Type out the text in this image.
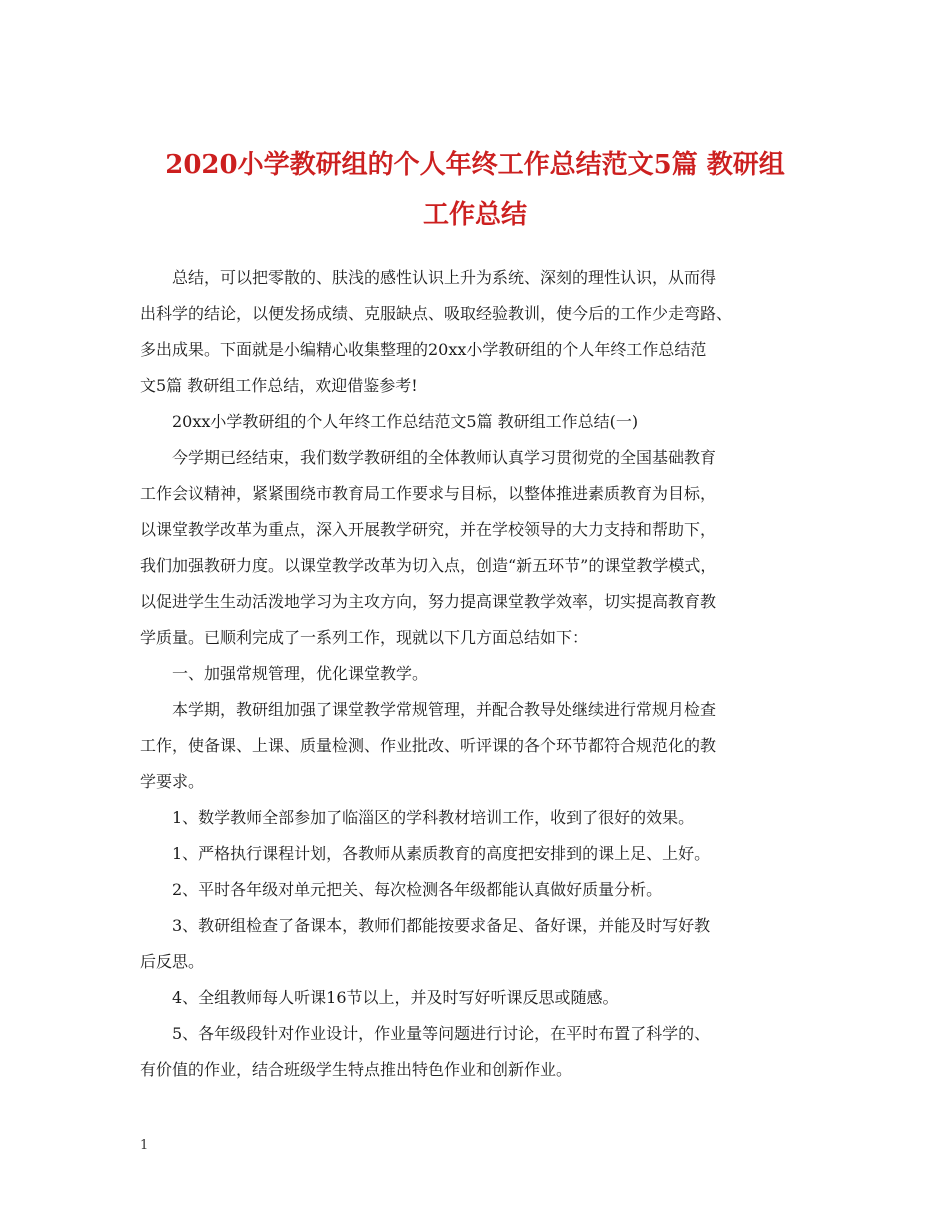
2020小学教研组的个人年终工作总结范文5篇 教研组
工作总结

总结，可以把零散的、肤浅的感性认识上升为系统、深刻的理性认识，从而得
出科学的结论，以便发扬成绩、克服缺点、吸取经验教训，使今后的工作少走弯路、
多出成果。下面就是小编精心收集整理的20xx小学教研组的个人年终工作总结范
文5篇 教研组工作总结，欢迎借鉴参考!

20xx小学教研组的个人年终工作总结范文5篇 教研组工作总结(一)

今学期已经结束，我们数学教研组的全体教师认真学习贯彻党的全国基础教育
工作会议精神，紧紧围绕市教育局工作要求与目标，以整体推进素质教育为目标，
以课堂教学改革为重点，深入开展教学研究，并在学校领导的大力支持和帮助下，
我们加强教研力度。以课堂教学改革为切入点，创造“新五环节”的课堂教学模式，
以促进学生生动活泼地学习为主攻方向，努力提高课堂教学效率，切实提高教育教
学质量。已顺利完成了一系列工作，现就以下几方面总结如下：

一、加强常规管理，优化课堂教学。

本学期，教研组加强了课堂教学常规管理，并配合教导处继续进行常规月检查
工作，使备课、上课、质量检测、作业批改、听评课的各个环节都符合规范化的教
学要求。

1、数学教师全部参加了临淄区的学科教材培训工作，收到了很好的效果。

1、严格执行课程计划，各教师从素质教育的高度把安排到的课上足、上好。

2、平时各年级对单元把关、每次检测各年级都能认真做好质量分析。

3、教研组检查了备课本，教师们都能按要求备足、备好课，并能及时写好教
后反思。

4、全组教师每人听课16节以上，并及时写好听课反思或随感。

5、各年级段针对作业设计，作业量等问题进行讨论，在平时布置了科学的、
有价值的作业，结合班级学生特点推出特色作业和创新作业。

1
